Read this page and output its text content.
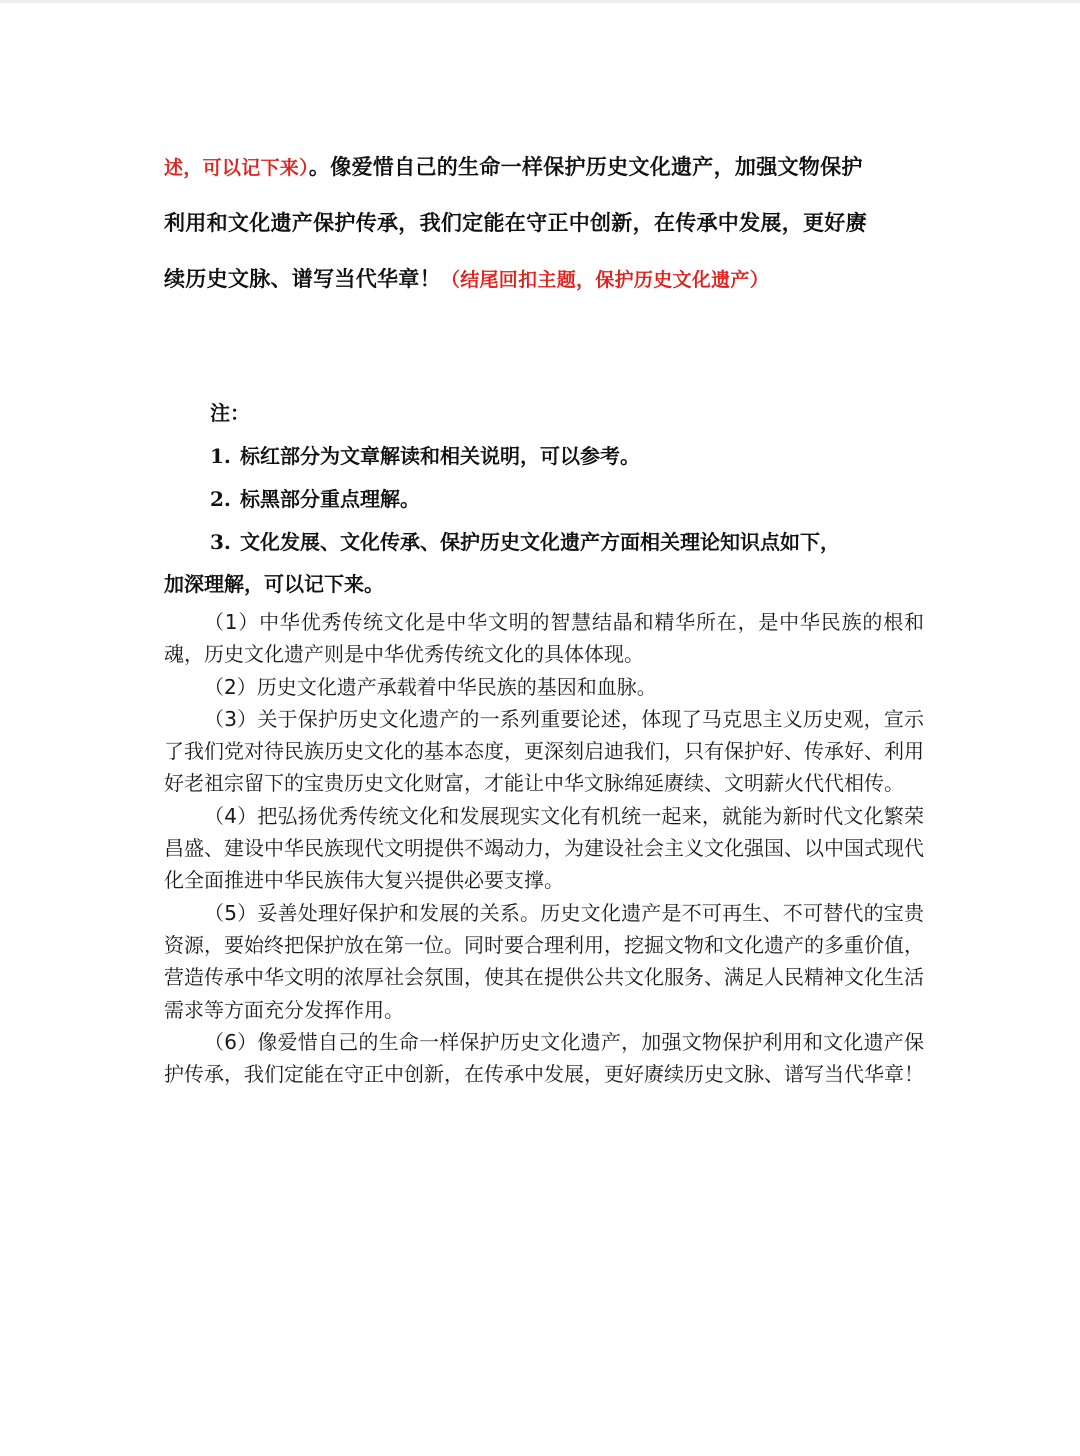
述，可以记下来）。像爱惜自己的生命一样保护历史文化遗产，加强文物保护
利用和文化遗产保护传承，我们定能在守正中创新，在传承中发展，更好赓
续历史文脉、谱写当代华章！（结尾回扣主题，保护历史文化遗产）
注：
1. 标红部分为文章解读和相关说明，可以参考。
2. 标黑部分重点理解。
3. 文化发展、文化传承、保护历史文化遗产方面相关理论知识点如下，
加深理解，可以记下来。

（1）中华优秀传统文化是中华文明的智慧结晶和精华所在，是中华民族的根和魂，历史文化遗产则是中华优秀传统文化的具体体现。

（2）历史文化遗产承载着中华民族的基因和血脉。

（3）关于保护历史文化遗产的一系列重要论述，体现了马克思主义历史观，宣示了我们党对待民族历史文化的基本态度，更深刻启迪我们，只有保护好、传承好、利用好老祖宗留下的宝贵历史文化财富，才能让中华文脉绵延赓续、文明薪火代代相传。

（4）把弘扬优秀传统文化和发展现实文化有机统一起来，就能为新时代文化繁荣昌盛、建设中华民族现代文明提供不竭动力，为建设社会主义文化强国、以中国式现代化全面推进中华民族伟大复兴提供必要支撑。

（5）妥善处理好保护和发展的关系。历史文化遗产是不可再生、不可替代的宝贵资源，要始终把保护放在第一位。同时要合理利用，挖掘文物和文化遗产的多重价值，营造传承中华文明的浓厚社会氛围，使其在提供公共文化服务、满足人民精神文化生活需求等方面充分发挥作用。

（6）像爱惜自己的生命一样保护历史文化遗产，加强文物保护利用和文化遗产保护传承，我们定能在守正中创新，在传承中发展，更好赓续历史文脉、谱写当代华章！
